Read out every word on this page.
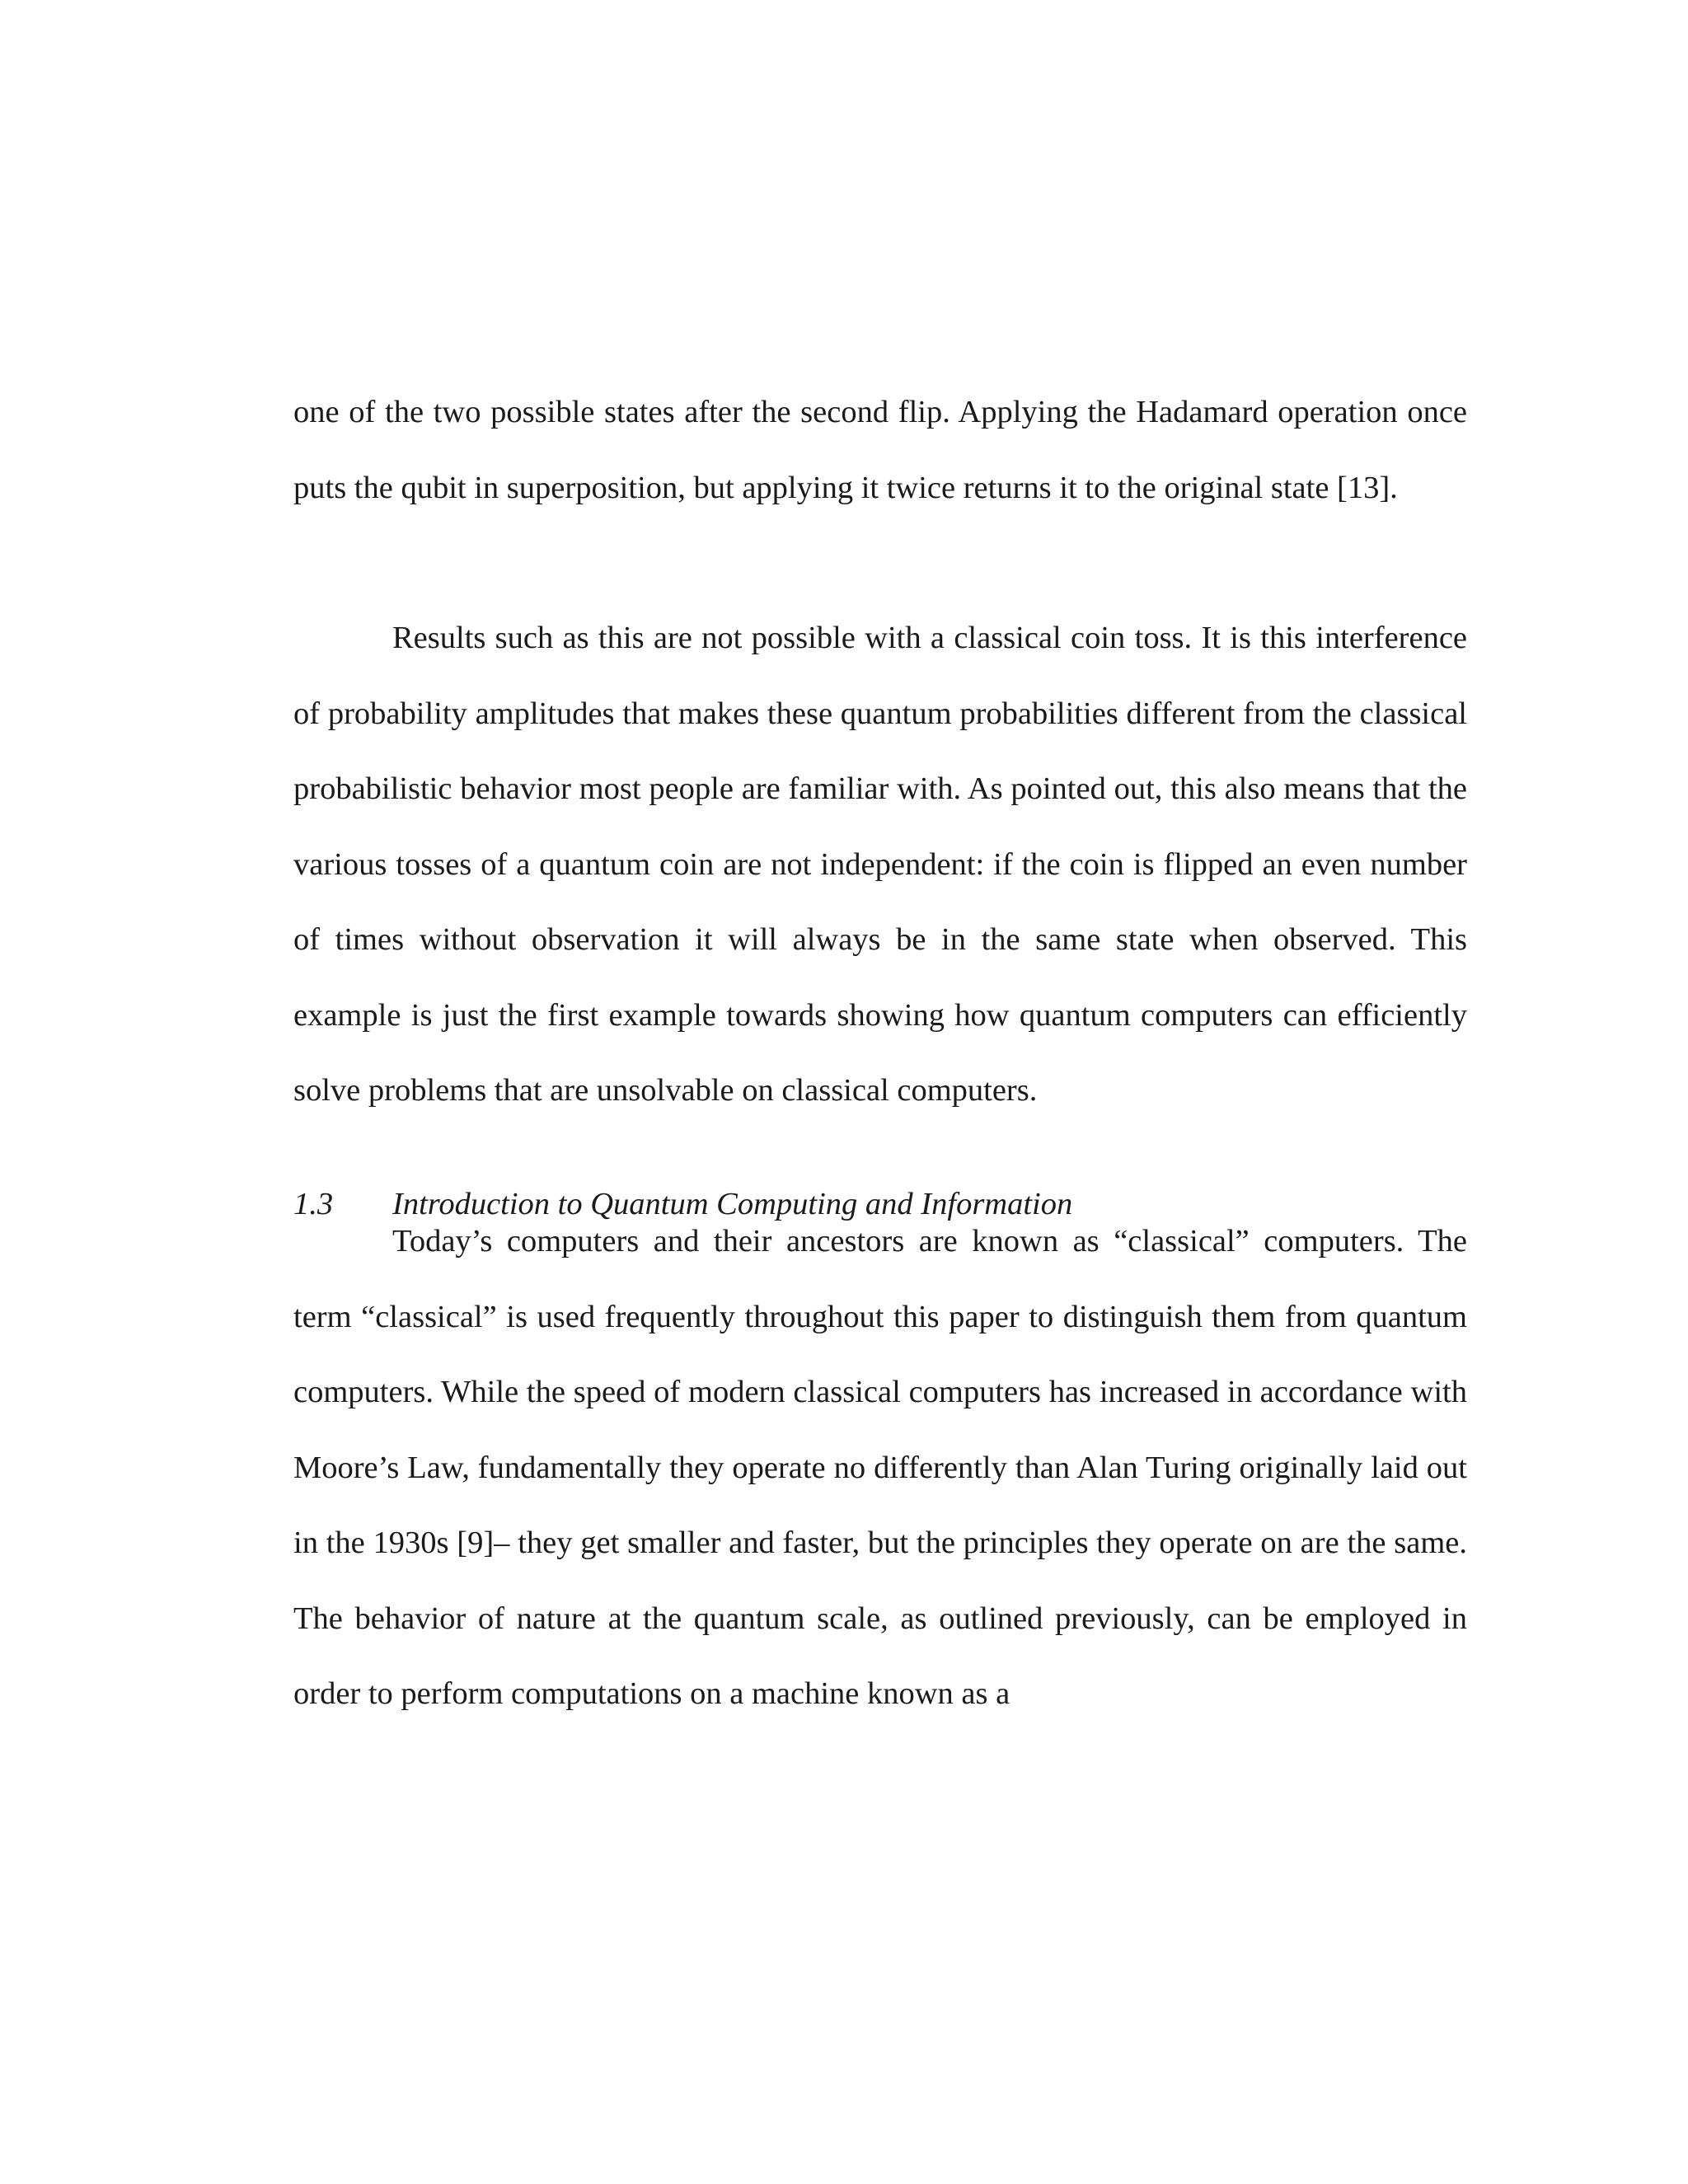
one of the two possible states after the second flip. Applying the Hadamard operation once puts the qubit in superposition, but applying it twice returns it to the original state [13].

Results such as this are not possible with a classical coin toss. It is this interference of probability amplitudes that makes these quantum probabilities different from the classical probabilistic behavior most people are familiar with. As pointed out, this also means that the various tosses of a quantum coin are not independent: if the coin is flipped an even number of times without observation it will always be in the same state when observed. This example is just the first example towards showing how quantum computers can efficiently solve problems that are unsolvable on classical computers.

1.3 Introduction to Quantum Computing and Information

Today’s computers and their ancestors are known as “classical” computers. The term “classical” is used frequently throughout this paper to distinguish them from quantum computers. While the speed of modern classical computers has increased in accordance with Moore’s Law, fundamentally they operate no differently than Alan Turing originally laid out in the 1930s [9]– they get smaller and faster, but the principles they operate on are the same. The behavior of nature at the quantum scale, as outlined previously, can be employed in order to perform computations on a machine known as a
